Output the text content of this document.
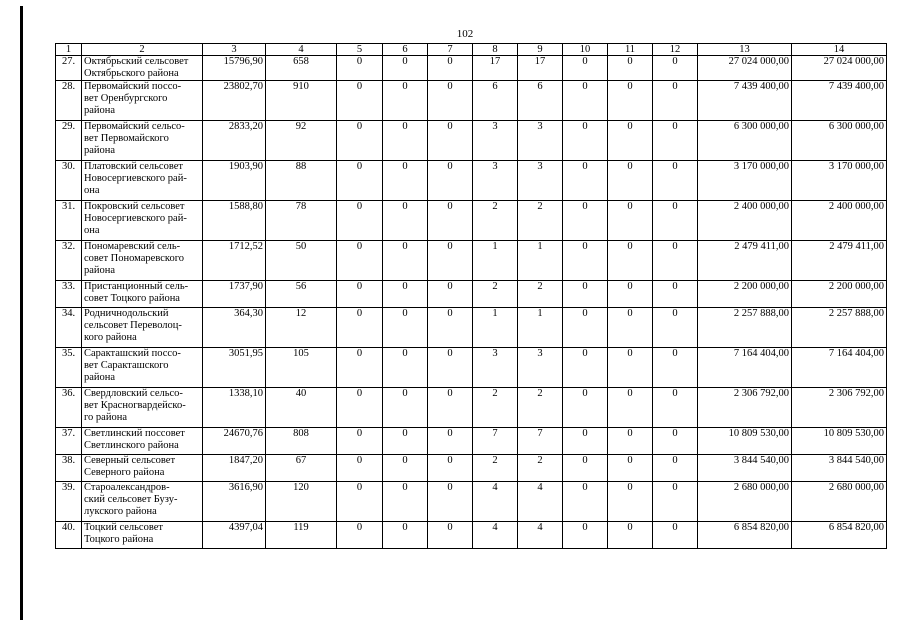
102
1	2	3	4	5	6	7	8	9	10	11	12	13	14
27.	Октябрьский сельсовет
Октябрьского района	15796,90	658	0	0	0	17	17	0	0	0	27 024 000,00	27 024 000,00
28.	Первомайский поссо-
вет Оренбургского
района	23802,70	910	0	0	0	6	6	0	0	0	7 439 400,00	7 439 400,00
29.	Первомайский сельсо-
вет Первомайского
района	2833,20	92	0	0	0	3	3	0	0	0	6 300 000,00	6 300 000,00
30.	Платовский сельсовет
Новосергиевского рай-
она	1903,90	88	0	0	0	3	3	0	0	0	3 170 000,00	3 170 000,00
31.	Покровский сельсовет
Новосергиевского рай-
она	1588,80	78	0	0	0	2	2	0	0	0	2 400 000,00	2 400 000,00
32.	Пономаревский сель-
совет Пономаревского
района	1712,52	50	0	0	0	1	1	0	0	0	2 479 411,00	2 479 411,00
33.	Пристанционный сель-
совет Тоцкого района	1737,90	56	0	0	0	2	2	0	0	0	2 200 000,00	2 200 000,00
34.	Родничнодольский
сельсовет Переволоц-
кого района	364,30	12	0	0	0	1	1	0	0	0	2 257 888,00	2 257 888,00
35.	Саракташский поссо-
вет Саракташского
района	3051,95	105	0	0	0	3	3	0	0	0	7 164 404,00	7 164 404,00
36.	Свердловский сельсо-
вет Красногвардейско-
го района	1338,10	40	0	0	0	2	2	0	0	0	2 306 792,00	2 306 792,00
37.	Светлинский поссовет
Светлинского района	24670,76	808	0	0	0	7	7	0	0	0	10 809 530,00	10 809 530,00
38.	Северный сельсовет
Северного района	1847,20	67	0	0	0	2	2	0	0	0	3 844 540,00	3 844 540,00
39.	Староалександров-
ский сельсовет Бузу-
лукского района	3616,90	120	0	0	0	4	4	0	0	0	2 680 000,00	2 680 000,00
40.	Тоцкий сельсовет
Тоцкого района	4397,04	119	0	0	0	4	4	0	0	0	6 854 820,00	6 854 820,00
